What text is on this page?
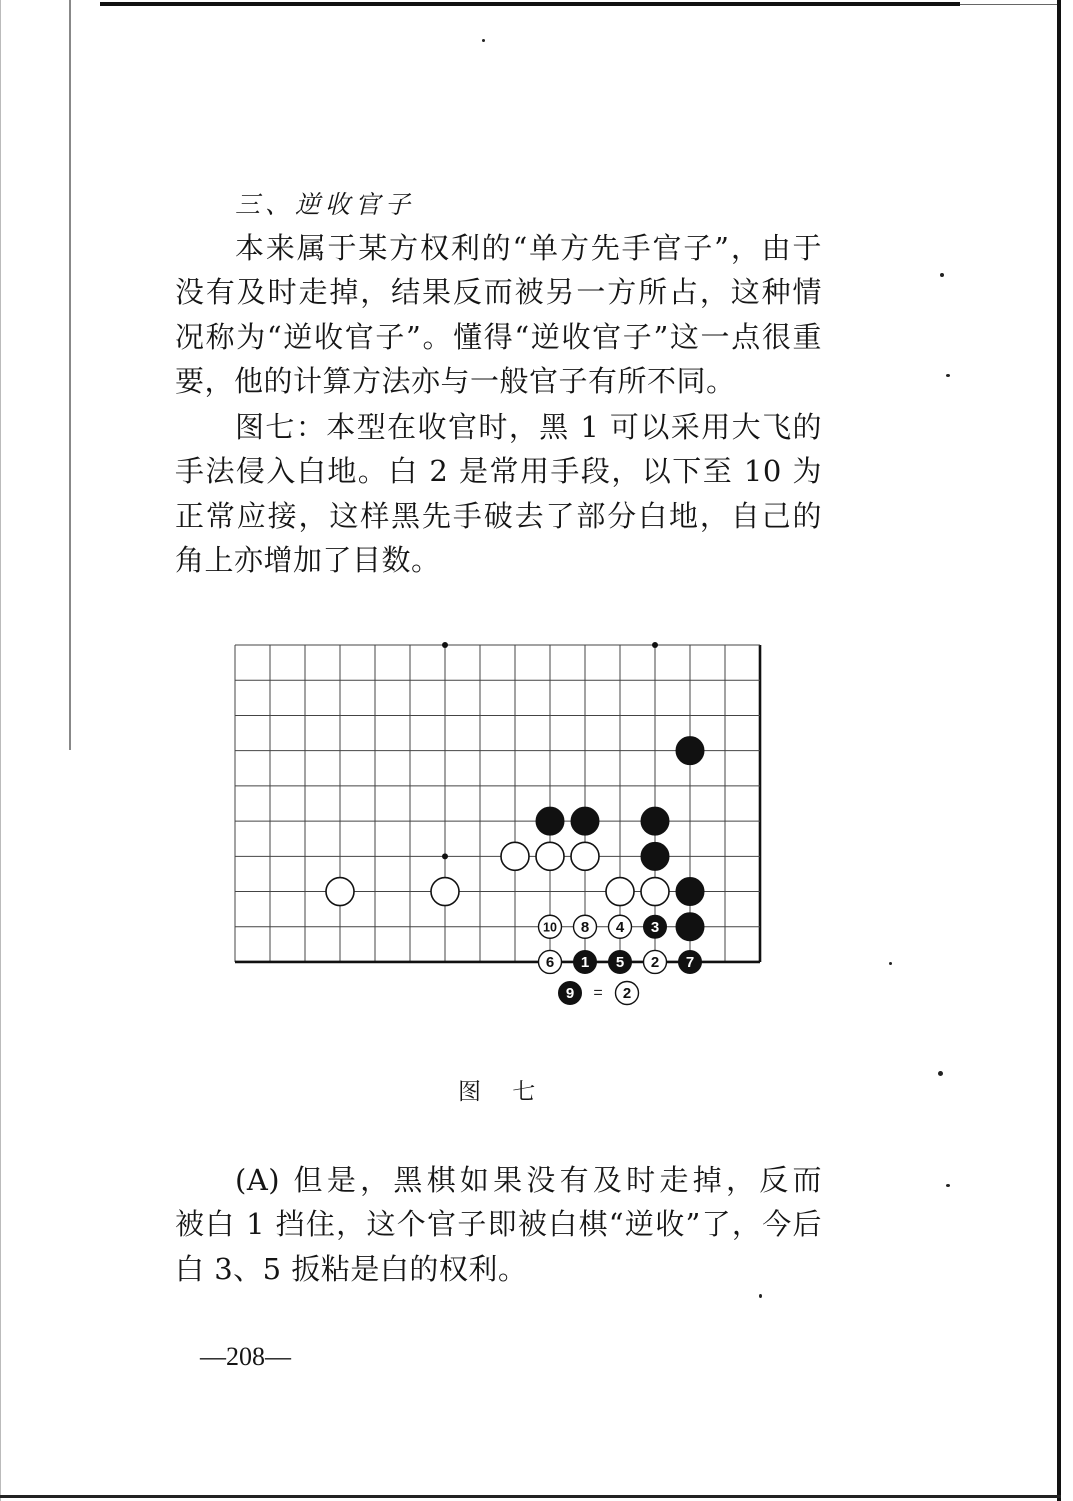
三、逆收官子
本来属于某方权利的“单方先手官子”，由于
没有及时走掉，结果反而被另一方所占，这种情
况称为“逆收官子”。懂得“逆收官子”这一点很重
要，他的计算方法亦与一般官子有所不同。
图七：本型在收官时，黑 1 可以采用大飞的
手法侵入白地。白 2 是常用手段，以下至 10 为
正常应接，这样黑先手破去了部分白地，自己的
角上亦增加了目数。
1	2
3
4
5
6	7
8
10
9 = 2
图 七
(A) 但是，黑棋如果没有及时走掉，反而
被白 1 挡住，这个官子即被白棋“逆收”了，今后
白 3、5 扳粘是白的权利。
—208—
